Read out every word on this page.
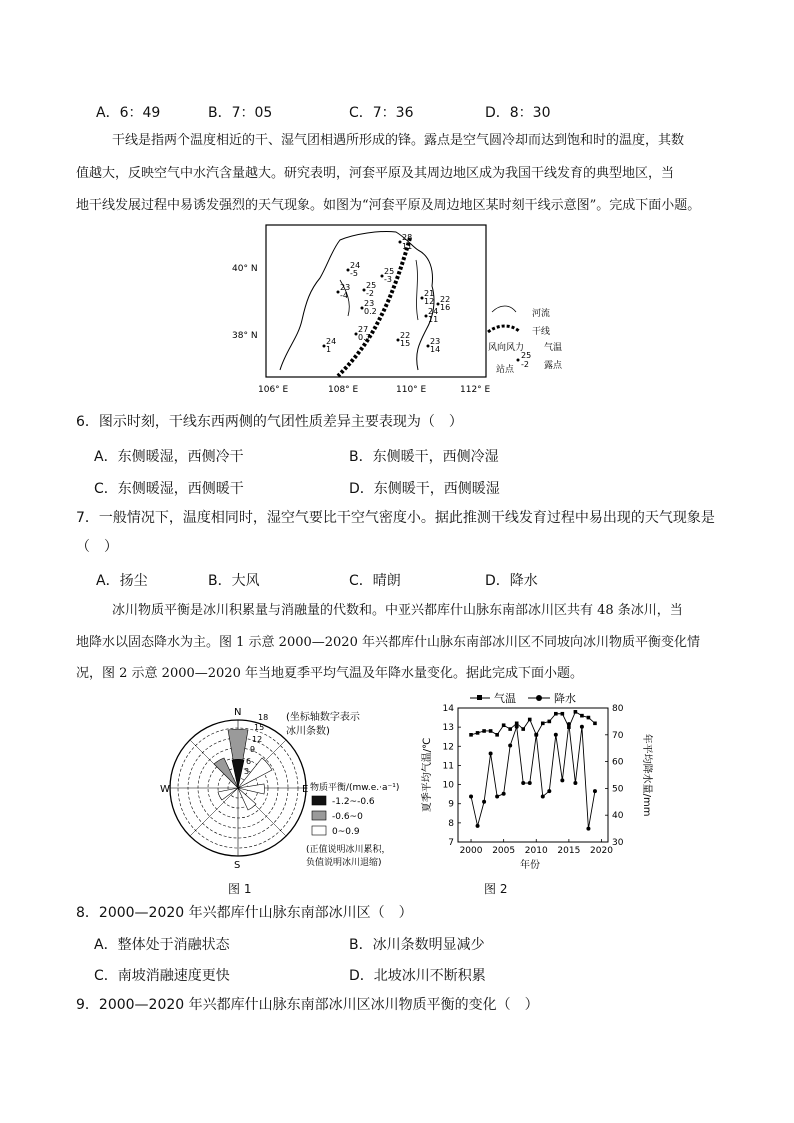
A．6：49	B．7：05	C．7：36	D．8：30
干线是指两个温度相近的干、湿气团相遇所形成的锋。露点是空气圆冷却而达到饱和时的温度，其数
值越大，反映空气中水汽含量越大。研究表明，河套平原及其周边地区成为我国干线发育的典型地区，当
地干线发展过程中易诱发强烈的天气现象。如图为“河套平原及周边地区某时刻干线示意图”。完成下面小题。
40° N
38° N
106° E	108° E	110° E	112° E
28
11
24
-5	25
-3
23
-4
25
-2
23
0.2
27
0.7
24
1
21
12 22
16
24
11
22
15 23
14
河流
干线
风向风力 气温
25
-2
站点	露点
6．图示时刻，干线东西两侧的气团性质差异主要表现为（　）
A．东侧暖湿，西侧冷干	B．东侧暖干，西侧冷湿
C．东侧暖湿，西侧暖干	D．东侧暖干，西侧暖湿
7．一般情况下，温度相同时，湿空气要比干空气密度小。据此推测干线发育过程中易出现的天气现象是
（　）
A．扬尘	B．大风	C．晴朗	D．降水
冰川物质平衡是冰川积累量与消融量的代数和。中亚兴都库什山脉东南部冰川区共有 48 条冰川，当
地降水以固态降水为主。图 1 示意 2000—2020 年兴都库什山脉东南部冰川区不同坡向冰川物质平衡变化情
况，图 2 示意 2000—2020 年当地夏季平均气温及年降水量变化。据此完成下面小题。
18
15
12
9
6
3
N
W	E
S
(坐标轴数字表示
冰川条数)
物质平衡/(mw.e.·a⁻¹)
-1.2~-0.6
-0.6~0
0~0.9
(正值说明冰川累积，
负值说明冰川退缩)
图 1
气温	降水
2000 2005 2010 2015 2020
7
8
9
10
11
12
13
14
30
40
50
60
70
80
夏季平均气温/℃	年平均降水量/mm
年份
图 2
8．2000—2020 年兴都库什山脉东南部冰川区（　）
A．整体处于消融状态	B．冰川条数明显减少
C．南坡消融速度更快	D．北坡冰川不断积累
9．2000—2020 年兴都库什山脉东南部冰川区冰川物质平衡的变化（　）
